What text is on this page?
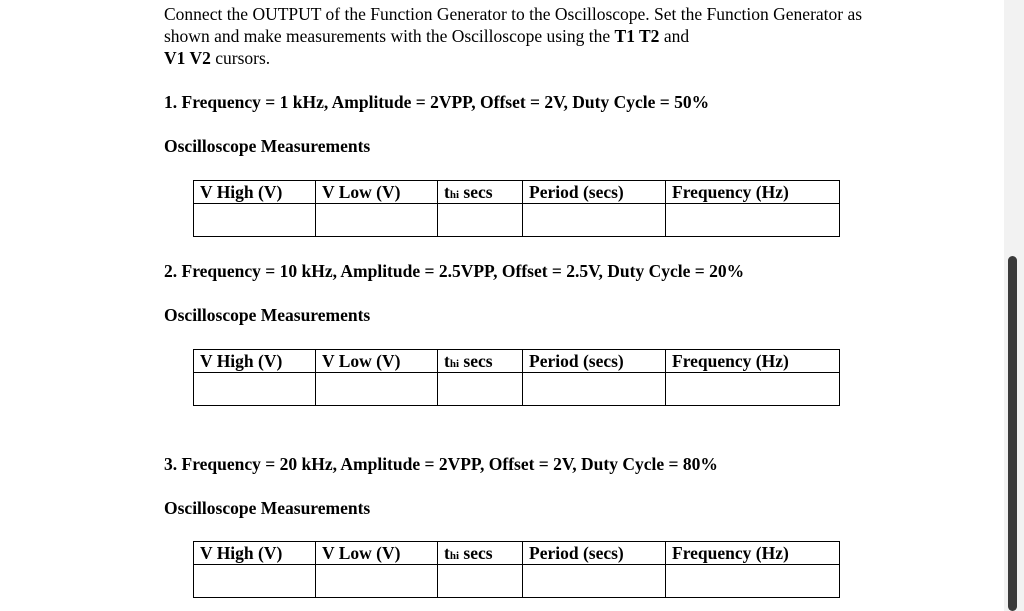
Connect the OUTPUT of the Function Generator to the Oscilloscope. Set the Function Generator as shown and make measurements with the Oscilloscope using the T1 T2 and
V1 V2 cursors.
1. Frequency = 1 kHz, Amplitude = 2VPP, Offset = 2V, Duty Cycle = 50%
Oscilloscope Measurements
V High (V)	V Low (V)	thi secs	Period (secs)	Frequency (Hz)

2. Frequency = 10 kHz, Amplitude = 2.5VPP, Offset = 2.5V, Duty Cycle = 20%
Oscilloscope Measurements
V High (V)	V Low (V)	thi secs	Period (secs)	Frequency (Hz)

3. Frequency = 20 kHz, Amplitude = 2VPP, Offset = 2V, Duty Cycle = 80%
Oscilloscope Measurements
V High (V)	V Low (V)	thi secs	Period (secs)	Frequency (Hz)
